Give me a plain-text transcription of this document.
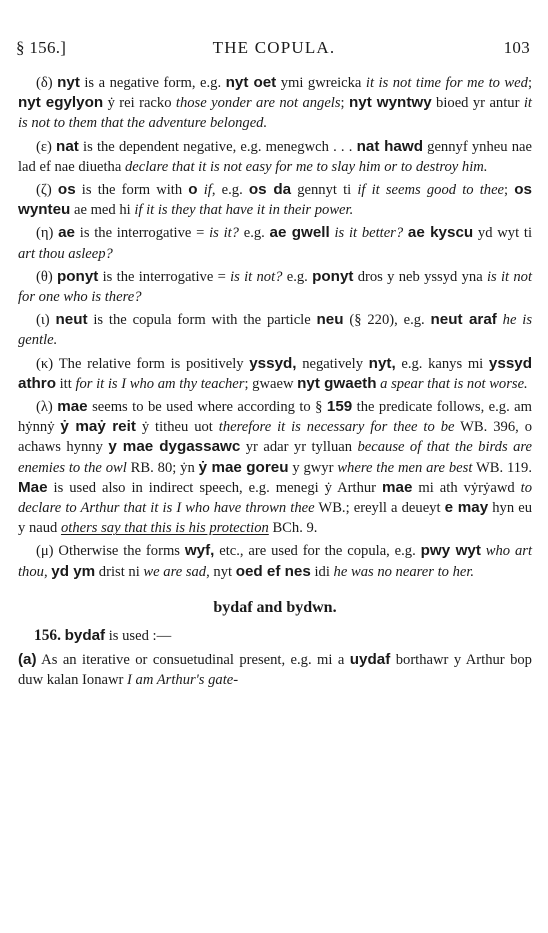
§ 156.]	THE COPULA.	103

(δ) nyt is a negative form, e.g. nyt oet ymi gwreicka it is not time for me to wed; nyt egylyon ẏ rei racko those yonder are not angels; nyt wyntwy bioed yr antur it is not to them that the adventure belonged.

(ε) nat is the dependent negative, e.g. menegwch . . . nat hawd gennyf ynheu nae lad ef nae diuetha declare that it is not easy for me to slay him or to destroy him.

(ζ) os is the form with o if, e.g. os da gennyt ti if it seems good to thee; os wynteu ae med hi if it is they that have it in their power.

(η) ae is the interrogative = is it? e.g. ae gwell is it better? ae kyscu yd wyt ti art thou asleep?

(θ) ponyt is the interrogative = is it not? e.g. ponyt dros y neb yssyd yna is it not for one who is there?

(ι) neut is the copula form with the particle neu (§ 220), e.g. neut araf he is gentle.

(κ) The relative form is positively yssyd, negatively nyt, e.g. kanys mi yssyd athro itt for it is I who am thy teacher; gwaew nyt gwaeth a spear that is not worse.

(λ) mae seems to be used where according to § 159 the predicate follows, e.g. am hẏnnẏ ẏ maẏ reit ẏ titheu uot therefore it is necessary for thee to be WB. 396, o achaws hynny y mae dygassawc yr adar yr tylluan because of that the birds are enemies to the owl RB. 80; ẏn ẏ mae goreu y gwyr where the men are best WB. 119. Mae is used also in indirect speech, e.g. menegi ẏ Arthur mae mi ath vẏrẏawd to declare to Arthur that it is I who have thrown thee WB.; ereyll a deueyt e may hyn eu y naud others say that this is his protection BCh. 9.

(μ) Otherwise the forms wyf, etc., are used for the copula, e.g. pwy wyt who art thou, yd ym drist ni we are sad, nyt oed ef nes idi he was no nearer to her.

bydaf and bydwn.

156. bydaf is used :—

(a) As an iterative or consuetudinal present, e.g. mi a uydaf borthawr y Arthur bop duw kalan Ionawr I am Arthur's gate-
